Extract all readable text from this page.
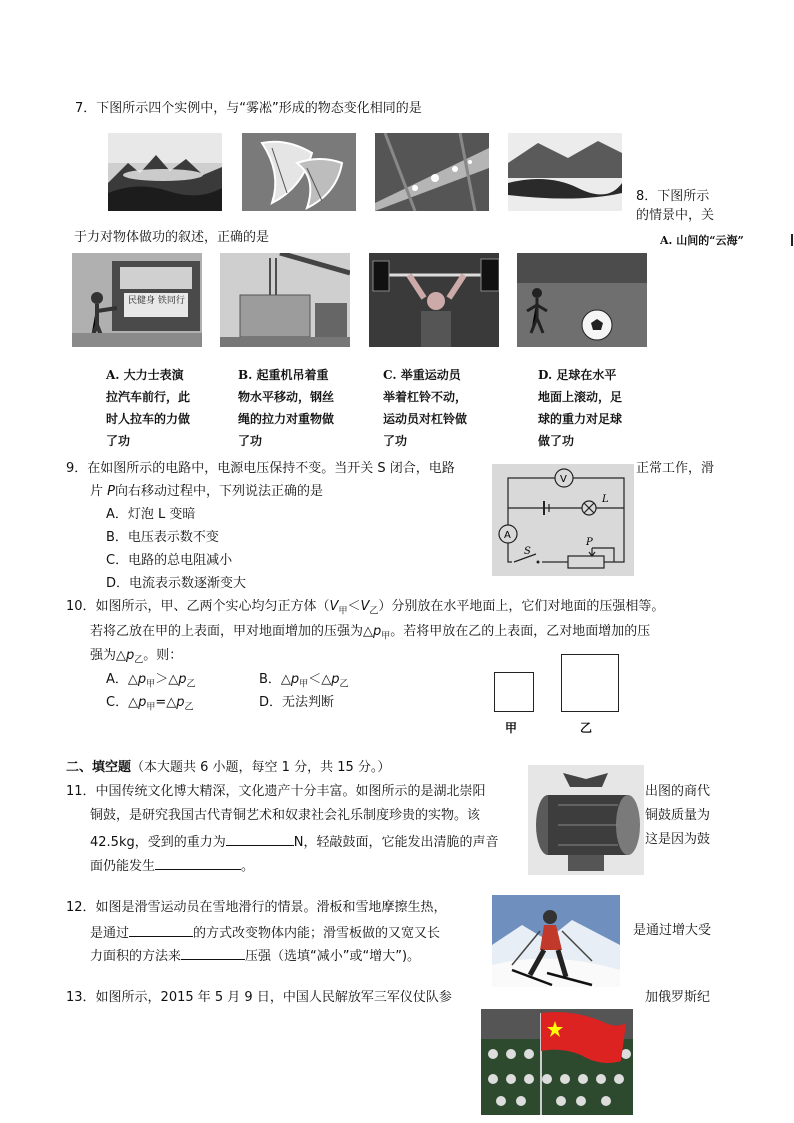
7．下图所示四个实例中，与“雾凇”形成的物态变化相同的是
8．下图所示
的情景中，关
于力对物体做功的叙述，正确的是	A. 山间的“云海”
民健身 铁同行
A. 大力士表演
拉汽车前行，此
时人拉车的力做
了功
B. 起重机吊着重
物水平移动，钢丝
绳的拉力对重物做
了功
C. 举重运动员
举着杠铃不动，
运动员对杠铃做
了功
D. 足球在水平
地面上滚动，足
球的重力对足球
做了功
9．在如图所示的电路中，电源电压保持不变。当开关 S 闭合，电路	正常工作，滑
片 P向右移动过程中，下列说法正确的是
A．灯泡 L 变暗
B．电压表示数不变
C．电路的总电阻减小
D．电流表示数逐渐变大
V
L
A
S
P
10．如图所示，甲、乙两个实心均匀正方体$(V_甲<V_乙)$分别放在水平地面上，它们对地面的压强相等。
若将乙放在甲的上表面，甲对地面增加的压强为$\triangle p_甲$。若将甲放在乙的上表面，乙对地面增加的压
强为$\triangle p_乙$。则：
A．$\triangle p_甲>\triangle p_乙$	B．$\triangle p_甲<\triangle p_乙$
C．$\triangle p_甲=\triangle p_乙$	D．无法判断
甲	乙
二、填空题（本大题共 6 小题，每空 1 分，共 15 分。）
11．中国传统文化博大精深，文化遗产十分丰富。如图所示的是湖北崇阳	出图的商代
铜鼓，是研究我国古代青铜艺术和奴隶社会礼乐制度珍贵的实物。该	铜鼓质量为
42.5kg，受到的重力为	N，轻敲鼓面，它能发出清脆的声音	这是因为鼓
面仍能发生	。
12．如图是滑雪运动员在雪地滑行的情景。滑板和雪地摩擦生热，
是通过	的方式改变物体内能；滑雪板做的又宽又长	是通过增大受
力面积的方法来	压强（选填“减小”或“增大”)。
13．如图所示，2015 年 5 月 9 日，中国人民解放军三军仪仗队参	加俄罗斯纪
